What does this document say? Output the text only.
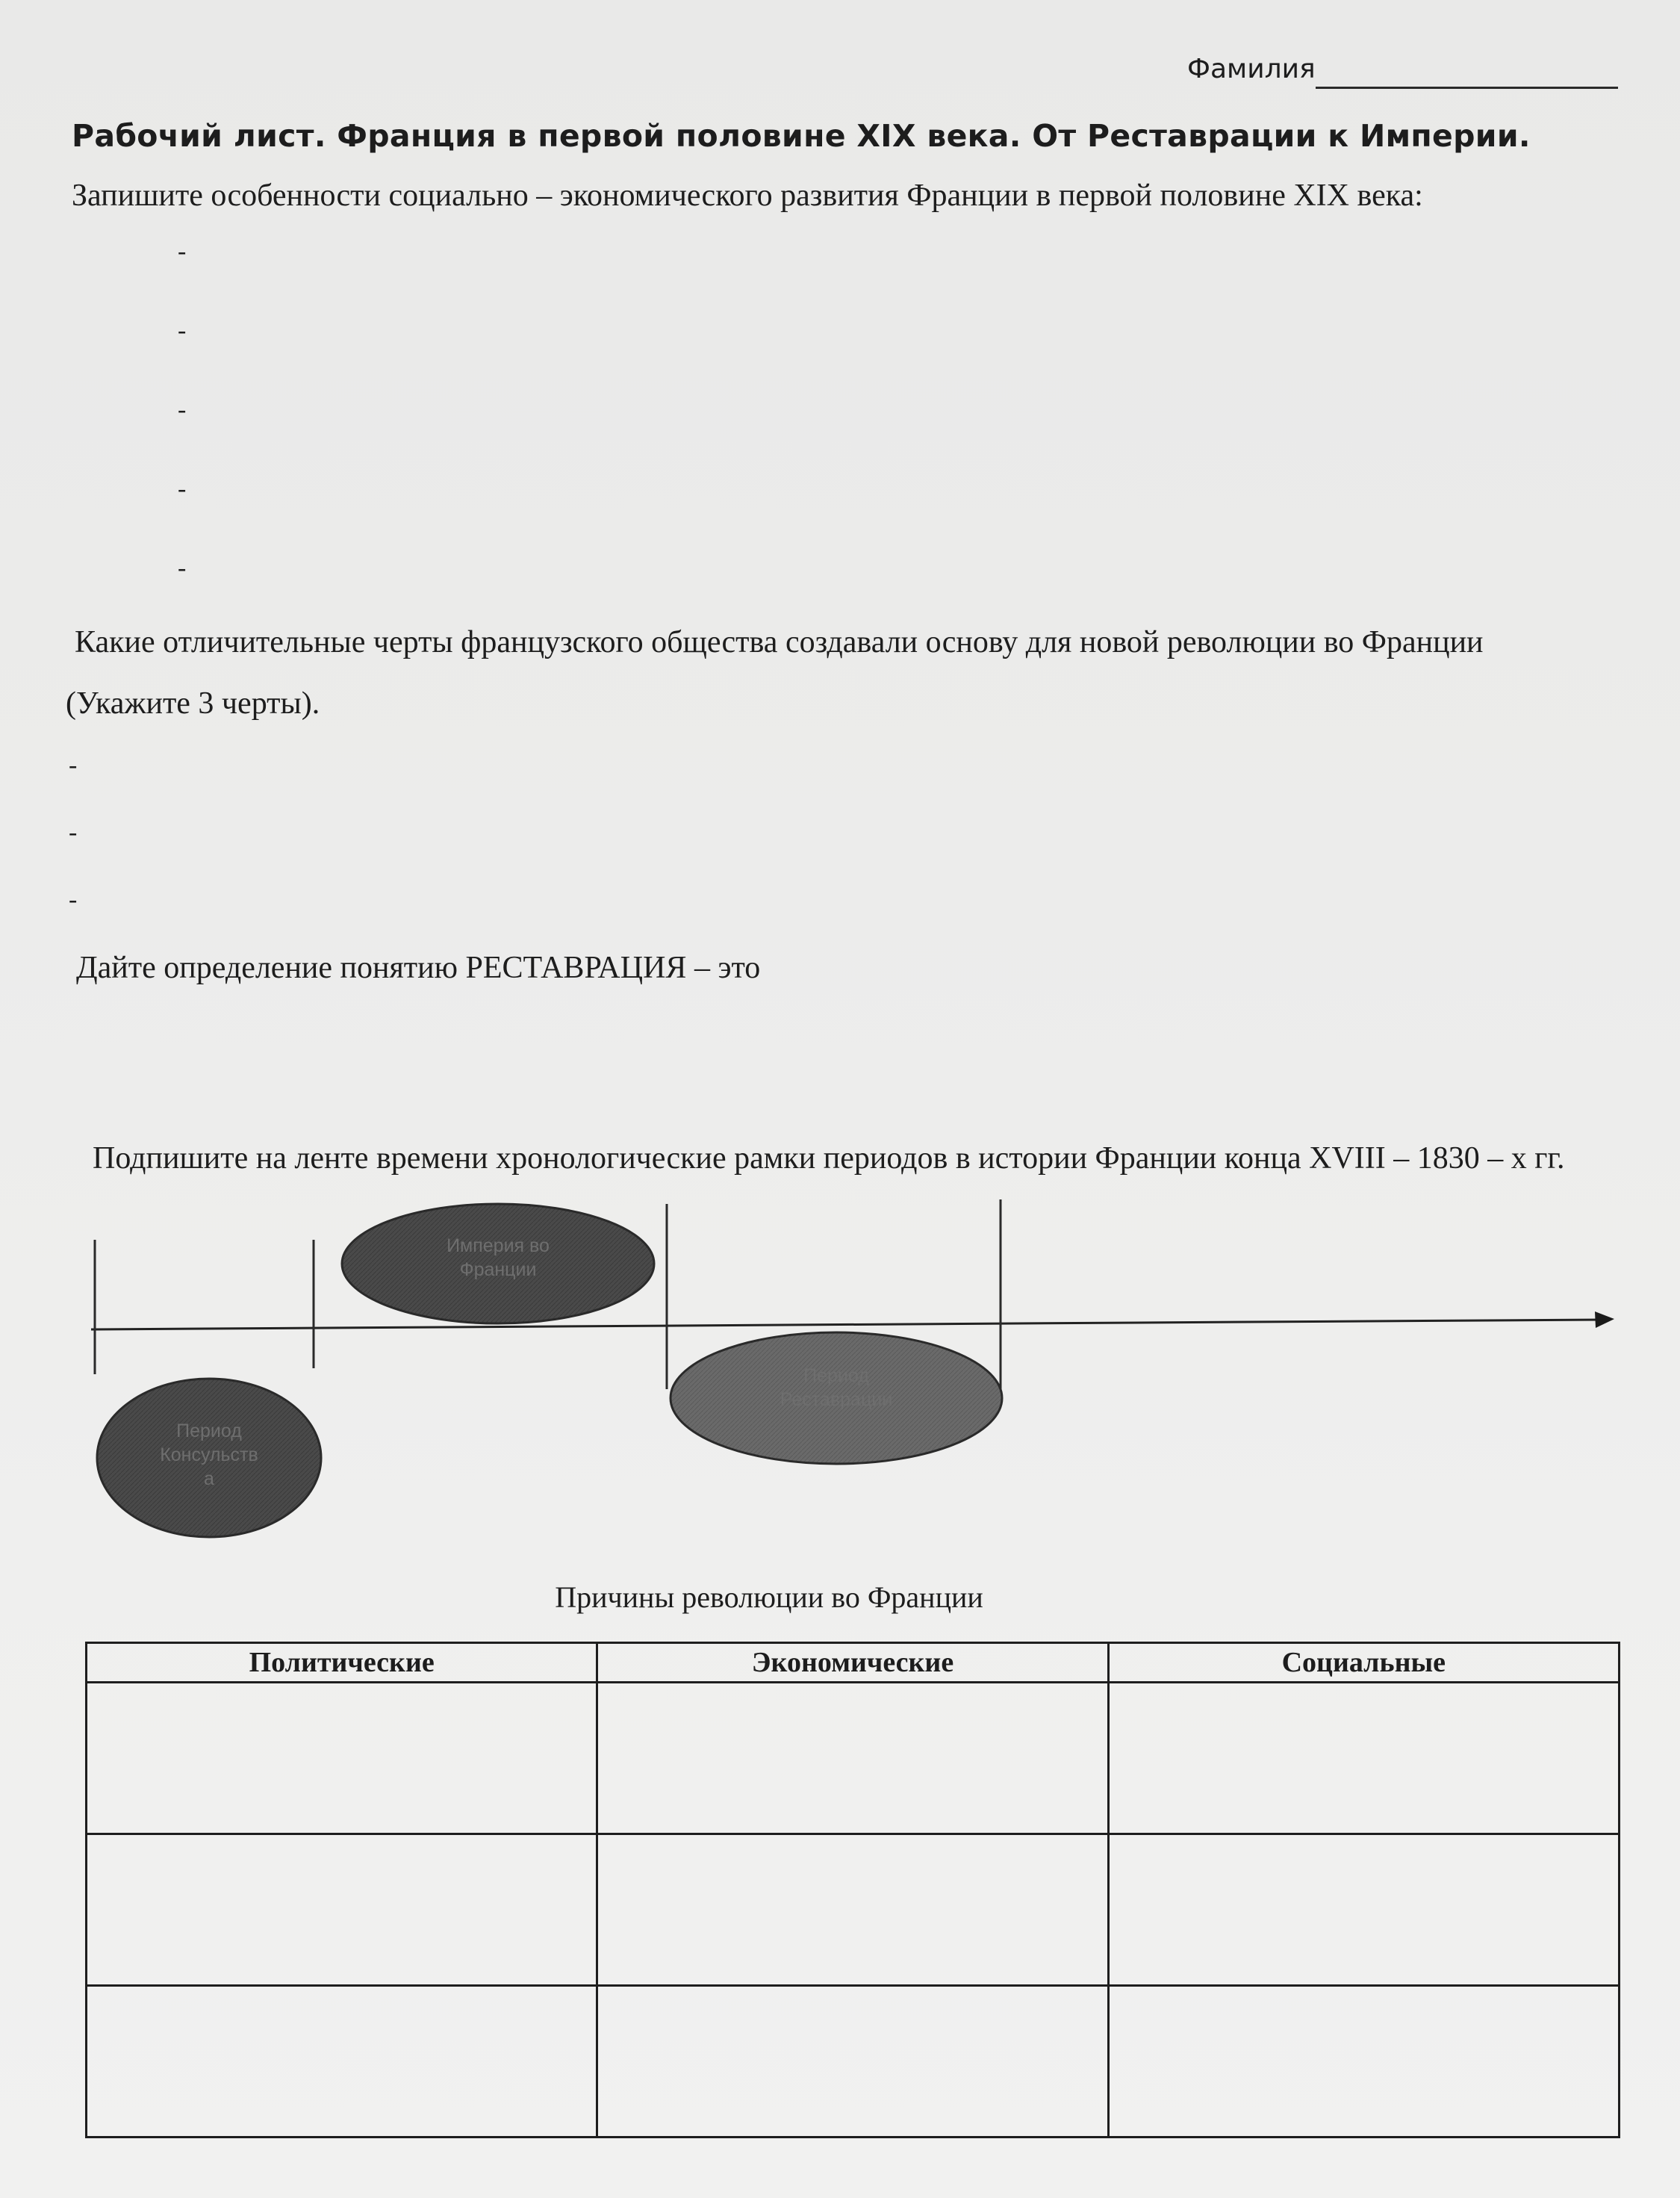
Фамилия
Рабочий лист. Франция в первой половине XIX века. От Реставрации к Империи.
Запишите особенности социально – экономического развития Франции в первой половине XIX века:
-
-
-
-
-
Какие отличительные черты французского общества создавали основу для новой революции во Франции
(Укажите 3 черты).
-
-
-
Дайте определение понятию РЕСТАВРАЦИЯ – это
Подпишите на ленте времени хронологические рамки периодов в истории Франции конца XVIII – 1830 – х гг.
Период
Консульств
а
Империя во
Франции
Период
Реставрации
Причины революции во Франции
Политические	Экономические	Социальные
